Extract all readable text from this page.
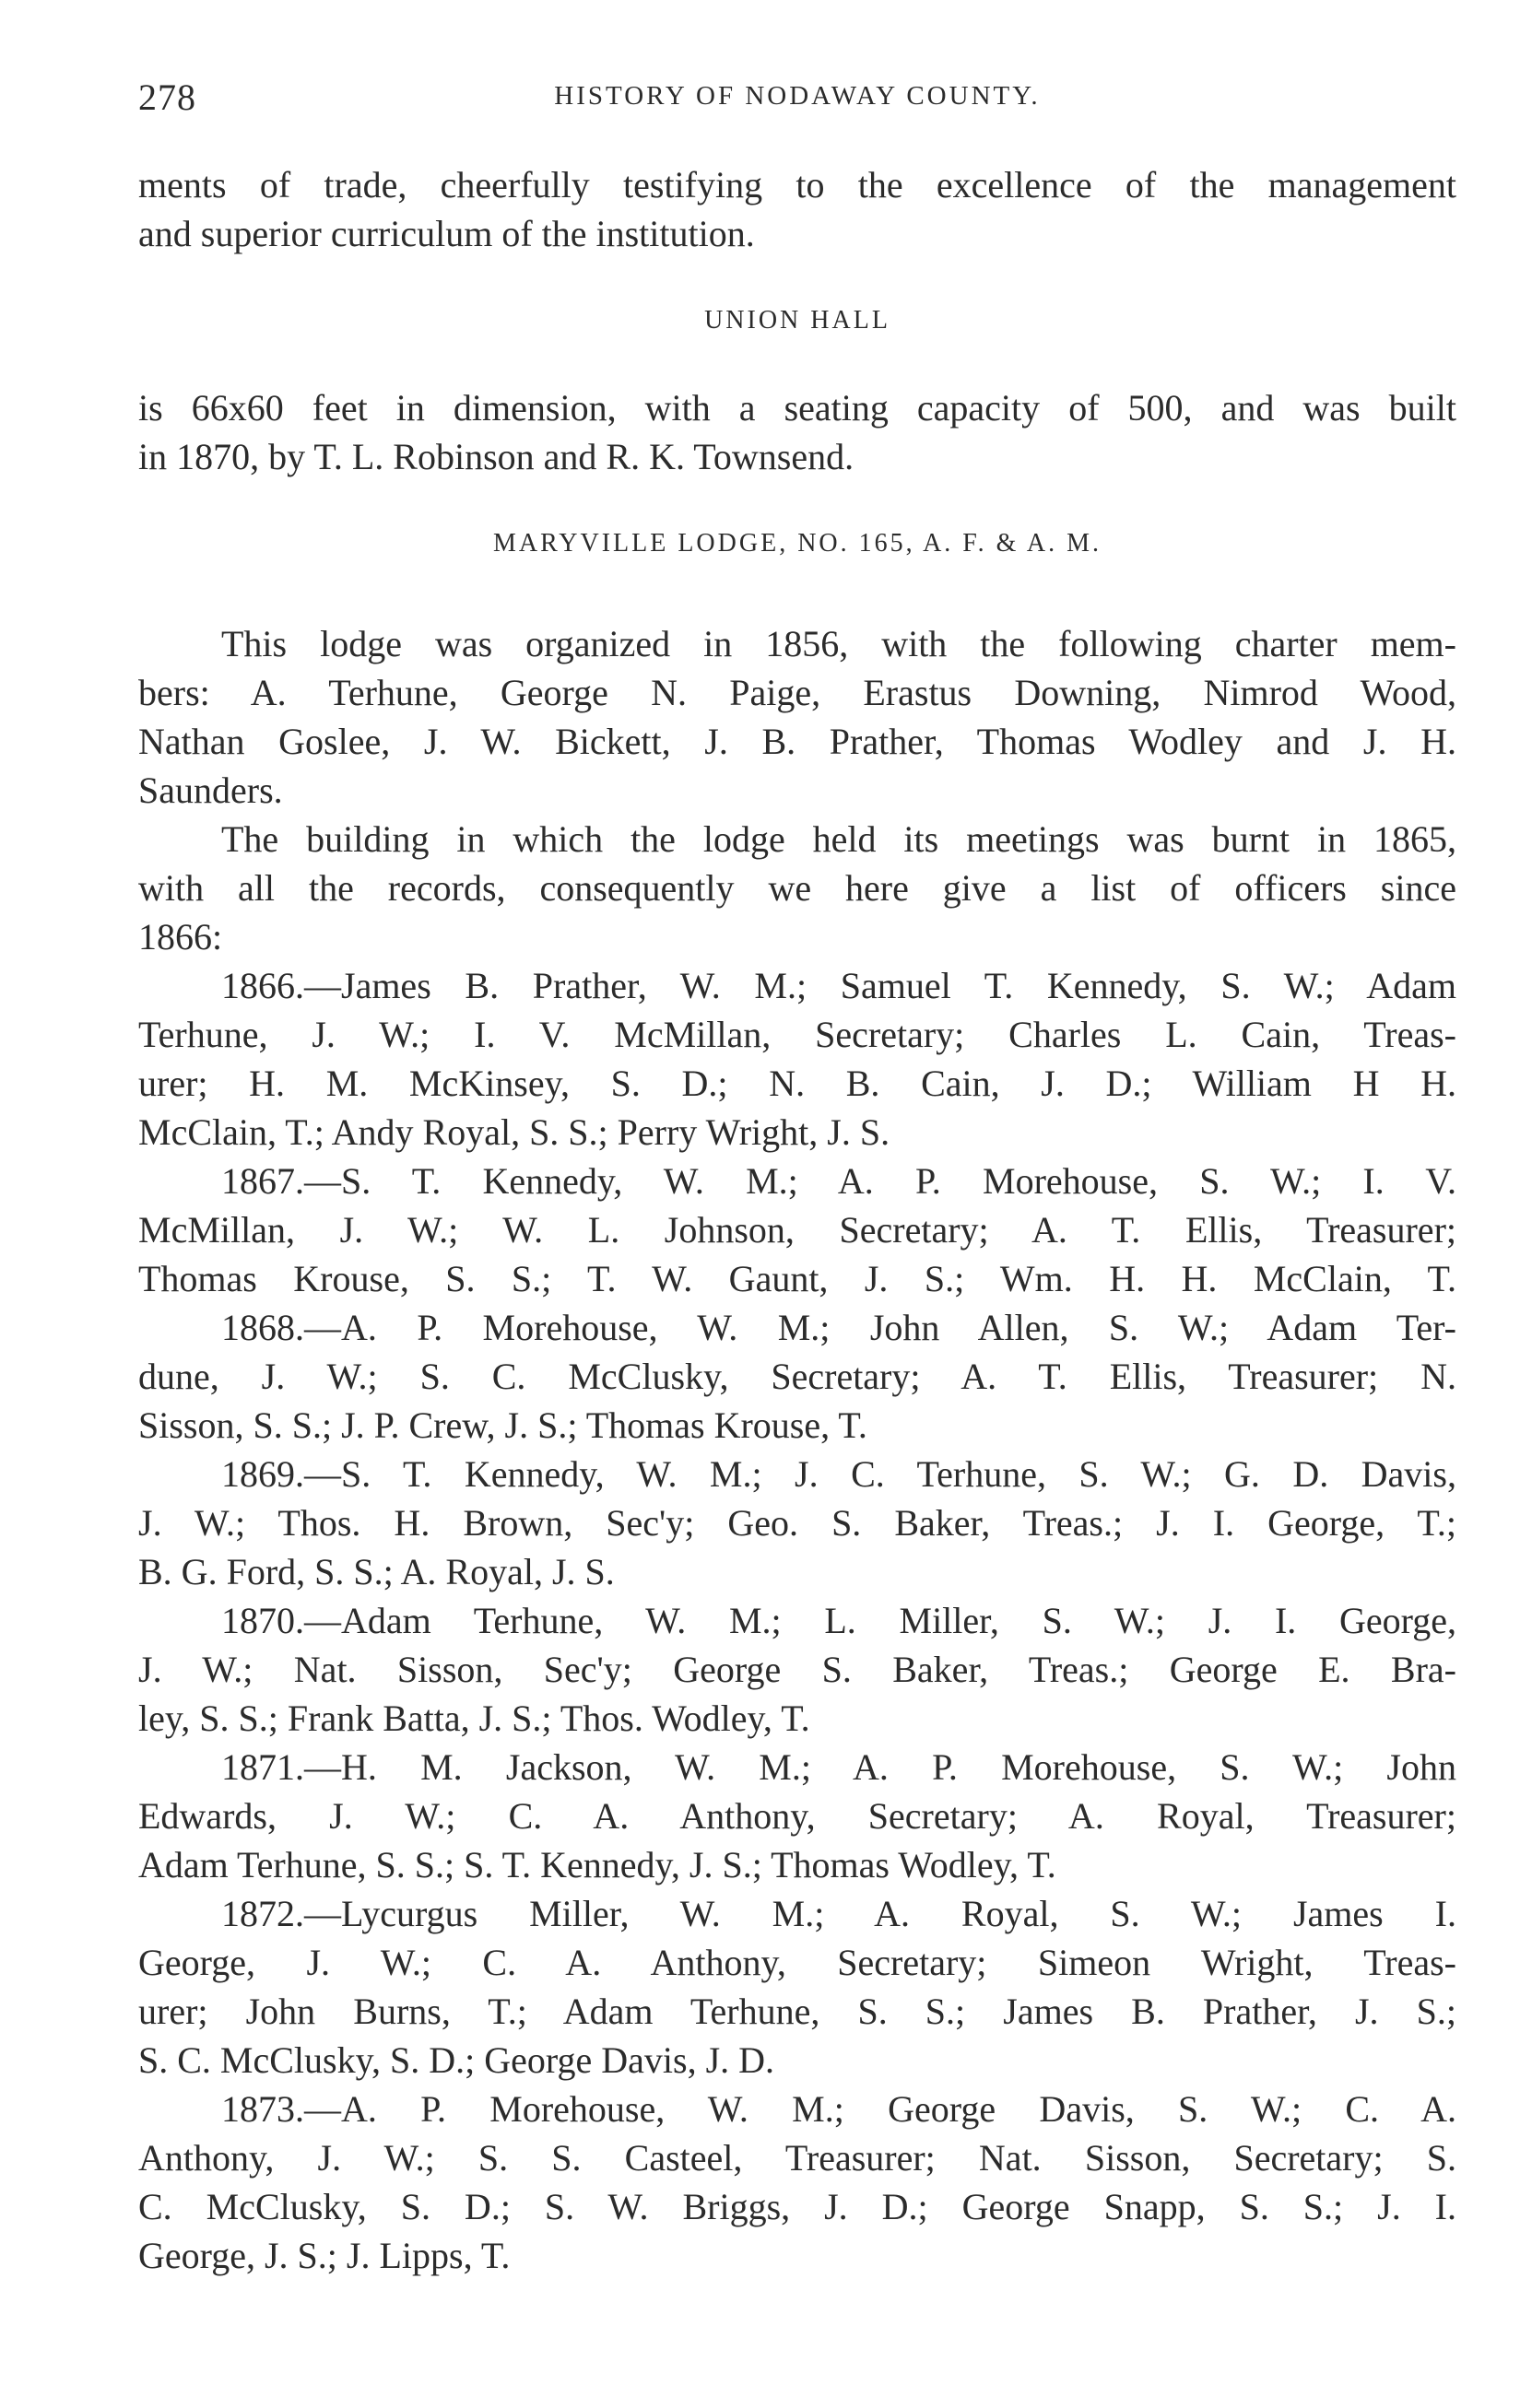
278	HISTORY OF NODAWAY COUNTY.
ments of trade, cheerfully testifying to the excellence of the management
and superior curriculum of the institution.
UNION HALL
is 66x60 feet in dimension, with a seating capacity of 500, and was built
in 1870, by T. L. Robinson and R. K. Townsend.
MARYVILLE LODGE, NO. 165, A. F. & A. M.
This lodge was organized in 1856, with the following charter mem-
bers: A. Terhune, George N. Paige, Erastus Downing, Nimrod Wood,
Nathan Goslee, J. W. Bickett, J. B. Prather, Thomas Wodley and J. H.
Saunders.
The building in which the lodge held its meetings was burnt in 1865,
with all the records, consequently we here give a list of officers since
1866:
1866.—James B. Prather, W. M.; Samuel T. Kennedy, S. W.; Adam
Terhune, J. W.; I. V. McMillan, Secretary; Charles L. Cain, Treas-
urer; H. M. McKinsey, S. D.; N. B. Cain, J. D.; William H H.
McClain, T.; Andy Royal, S. S.; Perry Wright, J. S.
1867.—S. T. Kennedy, W. M.; A. P. Morehouse, S. W.; I. V.
McMillan, J. W.; W. L. Johnson, Secretary; A. T. Ellis, Treasurer;
Thomas Krouse, S. S.; T. W. Gaunt, J. S.; Wm. H. H. McClain, T.
1868.—A. P. Morehouse, W. M.; John Allen, S. W.; Adam Ter-
dune, J. W.; S. C. McClusky, Secretary; A. T. Ellis, Treasurer; N.
Sisson, S. S.; J. P. Crew, J. S.; Thomas Krouse, T.
1869.—S. T. Kennedy, W. M.; J. C. Terhune, S. W.; G. D. Davis,
J. W.; Thos. H. Brown, Sec'y; Geo. S. Baker, Treas.; J. I. George, T.;
B. G. Ford, S. S.; A. Royal, J. S.
1870.—Adam Terhune, W. M.; L. Miller, S. W.; J. I. George,
J. W.; Nat. Sisson, Sec'y; George S. Baker, Treas.; George E. Bra-
ley, S. S.; Frank Batta, J. S.; Thos. Wodley, T.
1871.—H. M. Jackson, W. M.; A. P. Morehouse, S. W.; John
Edwards, J. W.; C. A. Anthony, Secretary; A. Royal, Treasurer;
Adam Terhune, S. S.; S. T. Kennedy, J. S.; Thomas Wodley, T.
1872.—Lycurgus Miller, W. M.; A. Royal, S. W.; James I.
George, J. W.; C. A. Anthony, Secretary; Simeon Wright, Treas-
urer; John Burns, T.; Adam Terhune, S. S.; James B. Prather, J. S.;
S. C. McClusky, S. D.; George Davis, J. D.
1873.—A. P. Morehouse, W. M.; George Davis, S. W.; C. A.
Anthony, J. W.; S. S. Casteel, Treasurer; Nat. Sisson, Secretary; S.
C. McClusky, S. D.; S. W. Briggs, J. D.; George Snapp, S. S.; J. I.
George, J. S.; J. Lipps, T.
